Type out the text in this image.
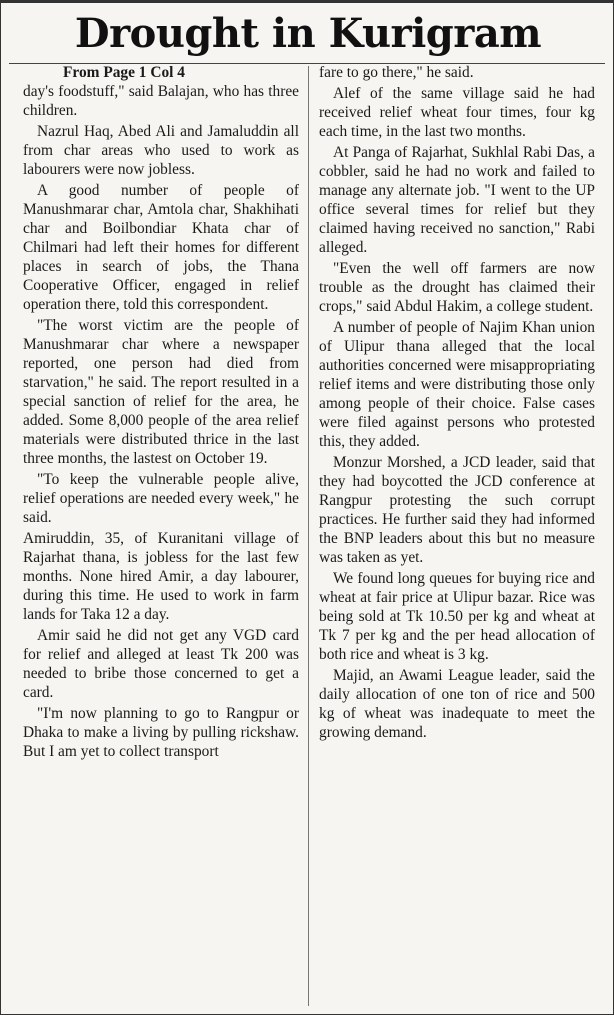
Drought in Kurigram
From Page 1 Col 4

day's foodstuff," said Balajan, who has three children.

Nazrul Haq, Abed Ali and Jamaluddin all from char areas who used to work as labourers were now jobless.

A good number of people of Manushmarar char, Amtola char, Shakhihati char and Boilbondiar Khata char of Chilmari had left their homes for different places in search of jobs, the Thana Cooperative Officer, engaged in relief operation there, told this correspondent.

"The worst victim are the people of Manushmarar char where a newspaper reported, one person had died from starvation," he said. The report resulted in a special sanction of relief for the area, he added. Some 8,000 people of the area relief materials were distributed thrice in the last three months, the lastest on October 19.

"To keep the vulnerable people alive, relief operations are needed every week," he said.

Amiruddin, 35, of Kuranitani village of Rajarhat thana, is jobless for the last few months. None hired Amir, a day labourer, during this time. He used to work in farm lands for Taka 12 a day.

Amir said he did not get any VGD card for relief and alleged at least Tk 200 was needed to bribe those concerned to get a card.

"I'm now planning to go to Rangpur or Dhaka to make a living by pulling rickshaw. But I am yet to collect transport

fare to go there," he said.

Alef of the same village said he had received relief wheat four times, four kg each time, in the last two months.

At Panga of Rajarhat, Sukhlal Rabi Das, a cobbler, said he had no work and failed to manage any alternate job. "I went to the UP office several times for relief but they claimed having received no sanction," Rabi alleged.

"Even the well off farmers are now trouble as the drought has claimed their crops," said Abdul Hakim, a college student.

A number of people of Najim Khan union of Ulipur thana alleged that the local authorities concerned were misappropriating relief items and were distributing those only among people of their choice. False cases were filed against persons who protested this, they added.

Monzur Morshed, a JCD leader, said that they had boycotted the JCD conference at Rangpur protesting the such corrupt practices. He further said they had informed the BNP leaders about this but no measure was taken as yet.

We found long queues for buying rice and wheat at fair price at Ulipur bazar. Rice was being sold at Tk 10.50 per kg and wheat at Tk 7 per kg and the per head allocation of both rice and wheat is 3 kg.

Majid, an Awami League leader, said the daily allocation of one ton of rice and 500 kg of wheat was inadequate to meet the growing demand.
